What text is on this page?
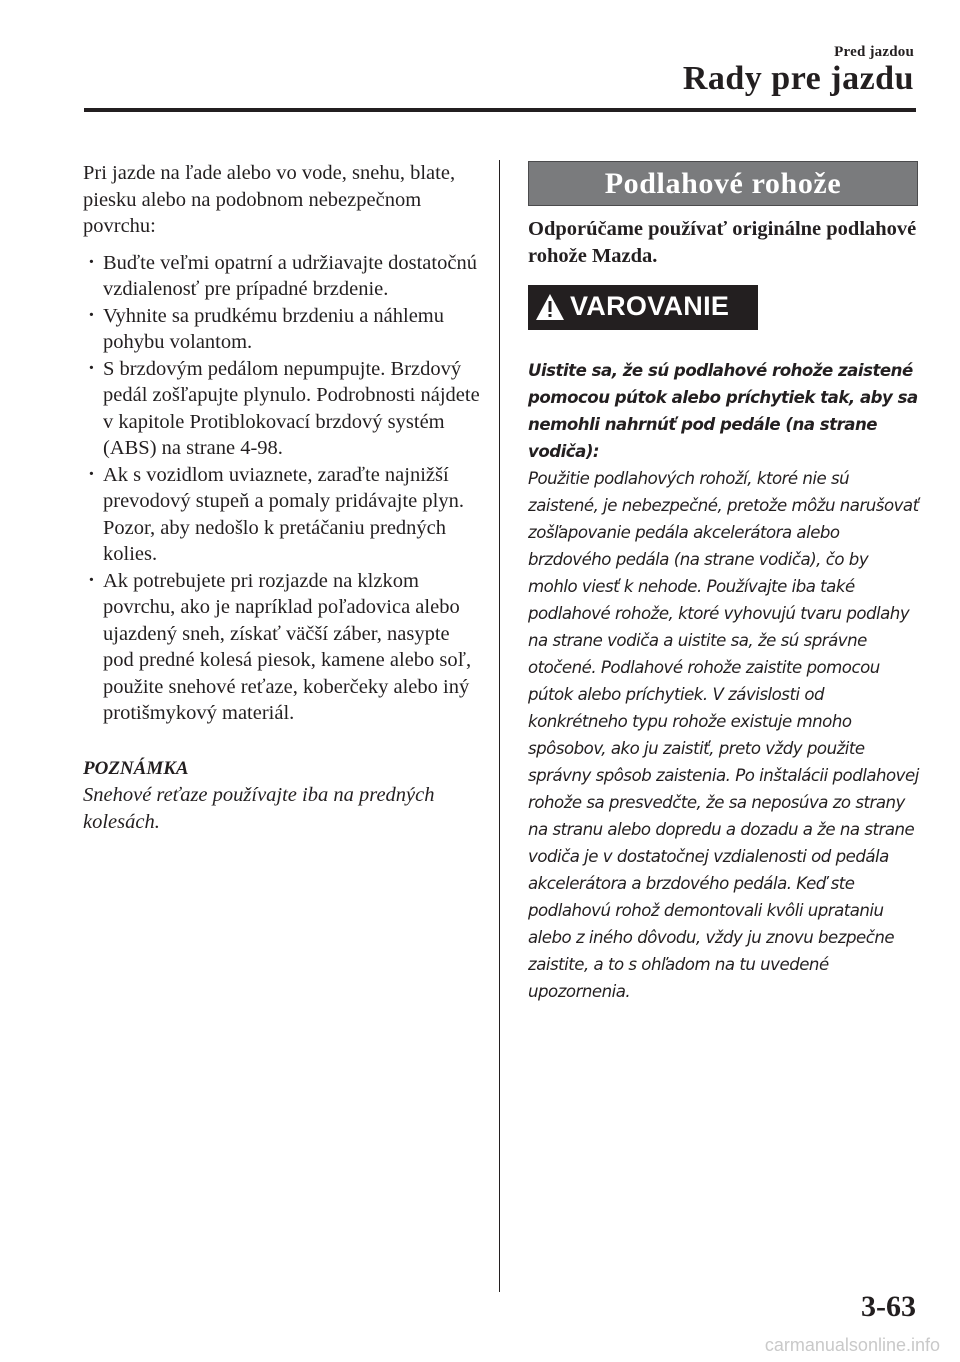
Pred jazdou
Rady pre jazdu

Pri jazde na ľade alebo vo vode, snehu, blate, piesku alebo na podobnom nebezpečnom povrchu:

· Buďte veľmi opatrní a udržiavajte dostatočnú vzdialenosť pre prípadné brzdenie.
· Vyhnite sa prudkému brzdeniu a náhlemu pohybu volantom.
· S brzdovým pedálom nepumpujte. Brzdový pedál zošľapujte plynulo. Podrobnosti nájdete v kapitole Protiblokovací brzdový systém (ABS) na strane 4-98.
· Ak s vozidlom uviaznete, zaraďte najnižší prevodový stupeň a pomaly pridávajte plyn. Pozor, aby nedošlo k pretáčaniu predných kolies.
· Ak potrebujete pri rozjazde na klzkom povrchu, ako je napríklad poľadovica alebo ujazdený sneh, získať väčší záber, nasypte pod predné kolesá piesok, kamene alebo soľ, použite snehové reťaze, koberčeky alebo iný protišmykový materiál.
POZNÁMKA
Snehové reťaze používajte iba na predných kolesách.
Podlahové rohože
Odporúčame používať originálne podlahové rohože Mazda.
VAROVANIE

Uistite sa, že sú podlahové rohože zaistené pomocou pútok alebo príchytiek tak, aby sa nemohli nahrnúť pod pedále (na strane vodiča):

Použitie podlahových rohoží, ktoré nie sú zaistené, je nebezpečné, pretože môžu narušovať zošľapovanie pedála akcelerátora alebo brzdového pedála (na strane vodiča), čo by mohlo viesť k nehode. Používajte iba také podlahové rohože, ktoré vyhovujú tvaru podlahy na strane vodiča a uistite sa, že sú správne otočené. Podlahové rohože zaistite pomocou pútok alebo príchytiek. V závislosti od konkrétneho typu rohože existuje mnoho spôsobov, ako ju zaistiť, preto vždy použite správny spôsob zaistenia. Po inštalácii podlahovej rohože sa presvedčte, že sa neposúva zo strany na stranu alebo dopredu a dozadu a že na strane vodiča je v dostatočnej vzdialenosti od pedála akcelerátora a brzdového pedála. Keď ste podlahovú rohož demontovali kvôli uprataniu alebo z iného dôvodu, vždy ju znovu bezpečne zaistite, a to s ohľadom na tu uvedené upozornenia.

3-63
carmanualsonline.info
